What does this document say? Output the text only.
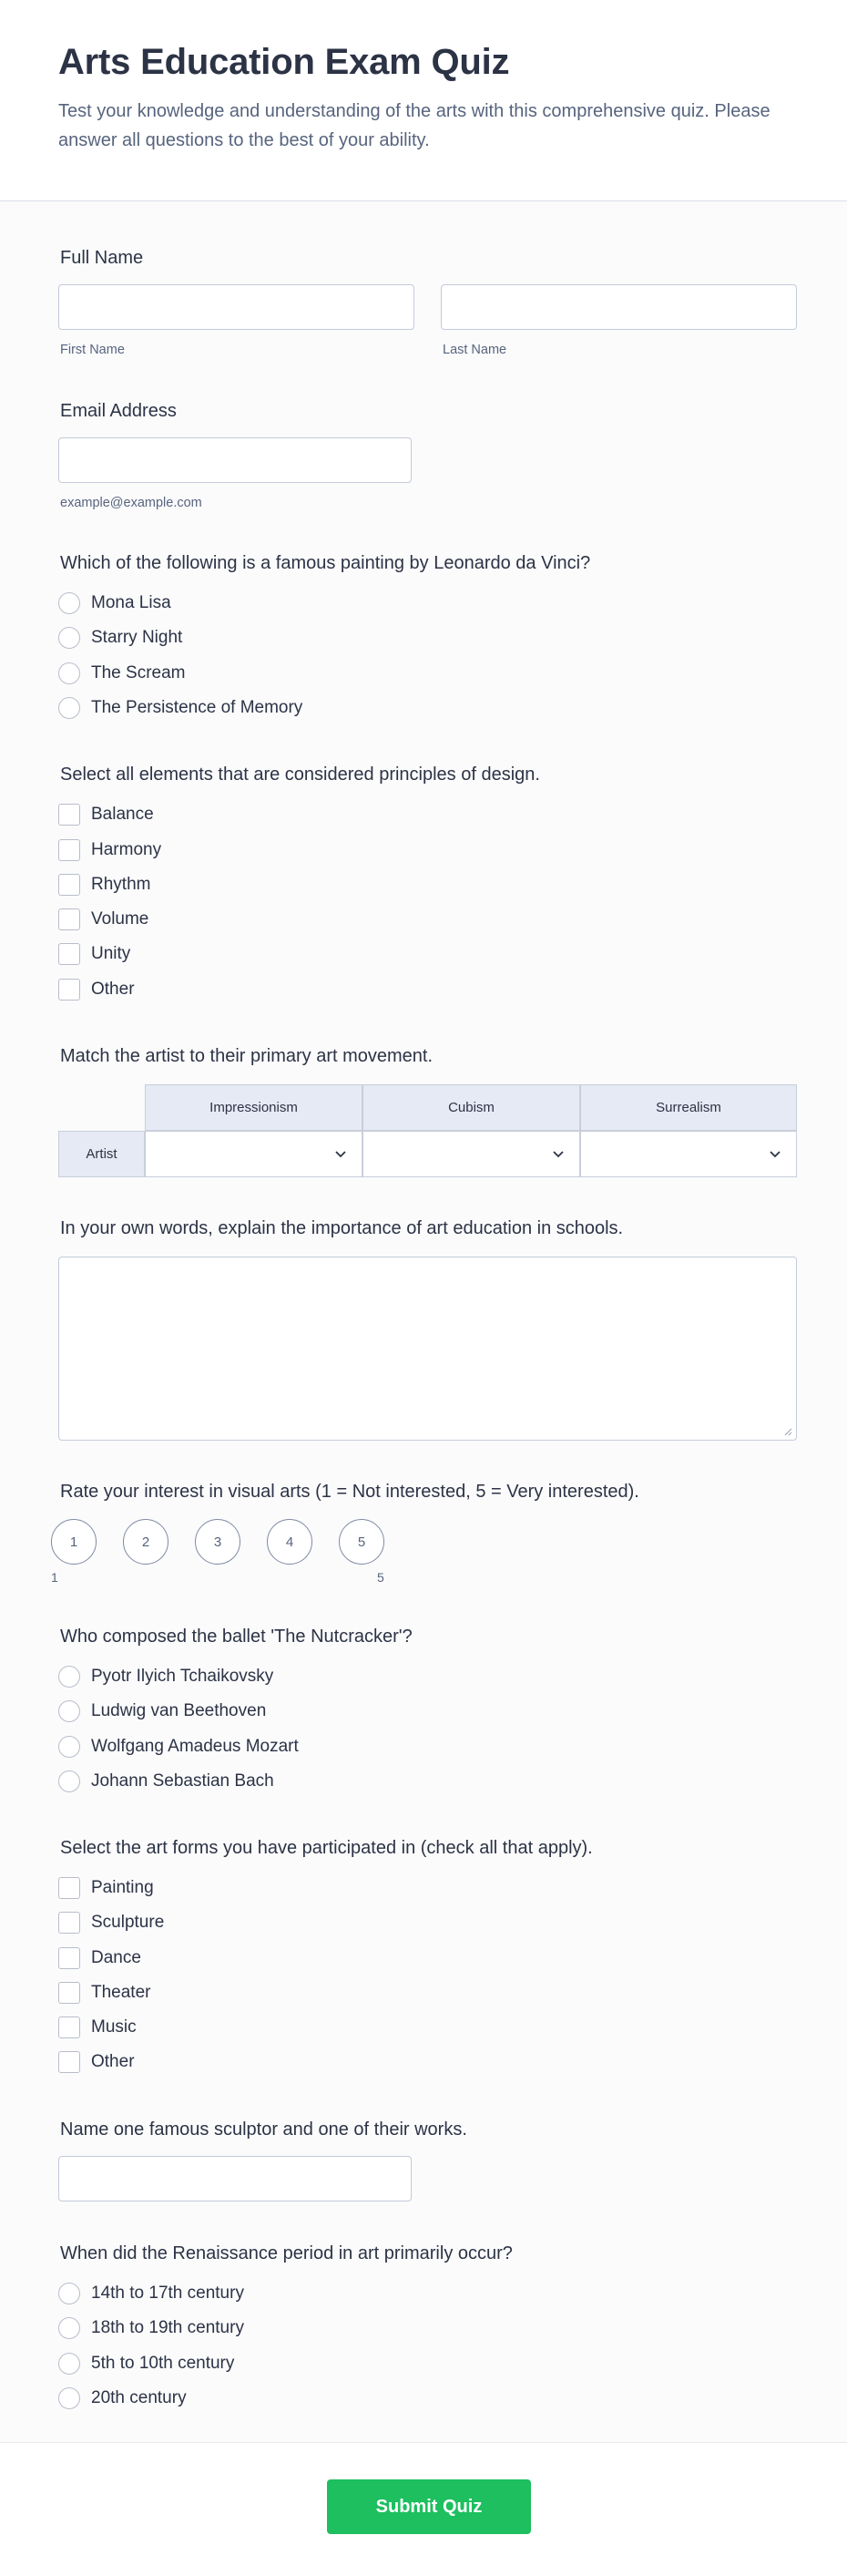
Arts Education Exam Quiz

Test your knowledge and understanding of the arts with this comprehensive quiz. Please answer all questions to the best of your ability.

Full Name
First Name	Last Name
Email Address
example@example.com
Which of the following is a famous painting by Leonardo da Vinci?
Mona Lisa
Starry Night
The Scream
The Persistence of Memory
Select all elements that are considered principles of design.
Balance
Harmony
Rhythm
Volume
Unity
Other
Match the artist to their primary art movement.
Impressionism	Cubism	Surrealism
Artist
In your own words, explain the importance of art education in schools.
Rate your interest in visual arts (1 = Not interested, 5 = Very interested).
1	2	3	4	5
1	5
Who composed the ballet 'The Nutcracker'?
Pyotr Ilyich Tchaikovsky
Ludwig van Beethoven
Wolfgang Amadeus Mozart
Johann Sebastian Bach
Select the art forms you have participated in (check all that apply).
Painting
Sculpture
Dance
Theater
Music
Other
Name one famous sculptor and one of their works.
When did the Renaissance period in art primarily occur?
14th to 17th century
18th to 19th century
5th to 10th century
20th century
Submit Quiz
